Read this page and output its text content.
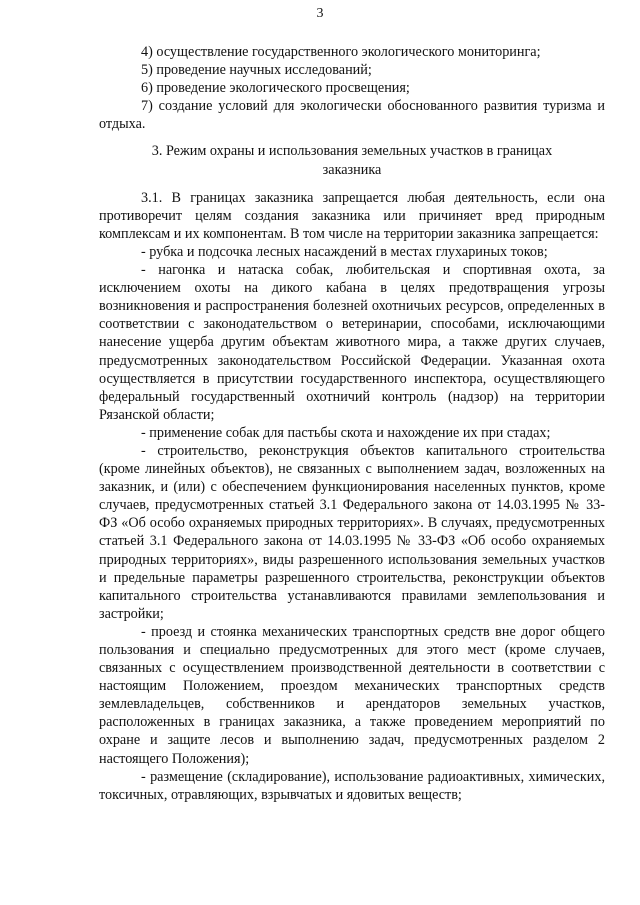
3

4) осуществление государственного экологического мониторинга;

5) проведение научных исследований;

6) проведение экологического просвещения;

7) создание условий для экологически обоснованного развития туризма и отдыха.

3. Режим охраны и использования земельных участков в границах заказника

3.1. В границах заказника запрещается любая деятельность, если она противоречит целям создания заказника или причиняет вред природным комплексам и их компонентам. В том числе на территории заказника запрещается:

- рубка и подсочка лесных насаждений в местах глухариных токов;

- нагонка и натаска собак, любительская и спортивная охота, за исключением охоты на дикого кабана в целях предотвращения угрозы возникновения и распространения болезней охотничьих ресурсов, определенных в соответствии с законодательством о ветеринарии, способами, исключающими нанесение ущерба другим объектам животного мира, а также других случаев, предусмотренных законодательством Российской Федерации. Указанная охота осуществляется в присутствии государственного инспектора, осуществляющего федеральный государственный охотничий контроль (надзор) на территории Рязанской области;

- применение собак для пастьбы скота и нахождение их при стадах;

- строительство, реконструкция объектов капитального строительства (кроме линейных объектов), не связанных с выполнением задач, возложенных на заказник, и (или) с обеспечением функционирования населенных пунктов, кроме случаев, предусмотренных статьей 3.1 Федерального закона от 14.03.1995 № 33-ФЗ «Об особо охраняемых природных территориях». В случаях, предусмотренных статьей 3.1 Федерального закона от 14.03.1995 № 33-ФЗ «Об особо охраняемых природных территориях», виды разрешенного использования земельных участков и предельные параметры разрешенного строительства, реконструкции объектов капитального строительства устанавливаются правилами землепользования и застройки;

- проезд и стоянка механических транспортных средств вне дорог общего пользования и специально предусмотренных для этого мест (кроме случаев, связанных с осуществлением производственной деятельности в соответствии с настоящим Положением, проездом механических транспортных средств землевладельцев, собственников и арендаторов земельных участков, расположенных в границах заказника, а также проведением мероприятий по охране и защите лесов и выполнению задач, предусмотренных разделом 2 настоящего Положения);

- размещение (складирование), использование радиоактивных, химических, токсичных, отравляющих, взрывчатых и ядовитых веществ;
